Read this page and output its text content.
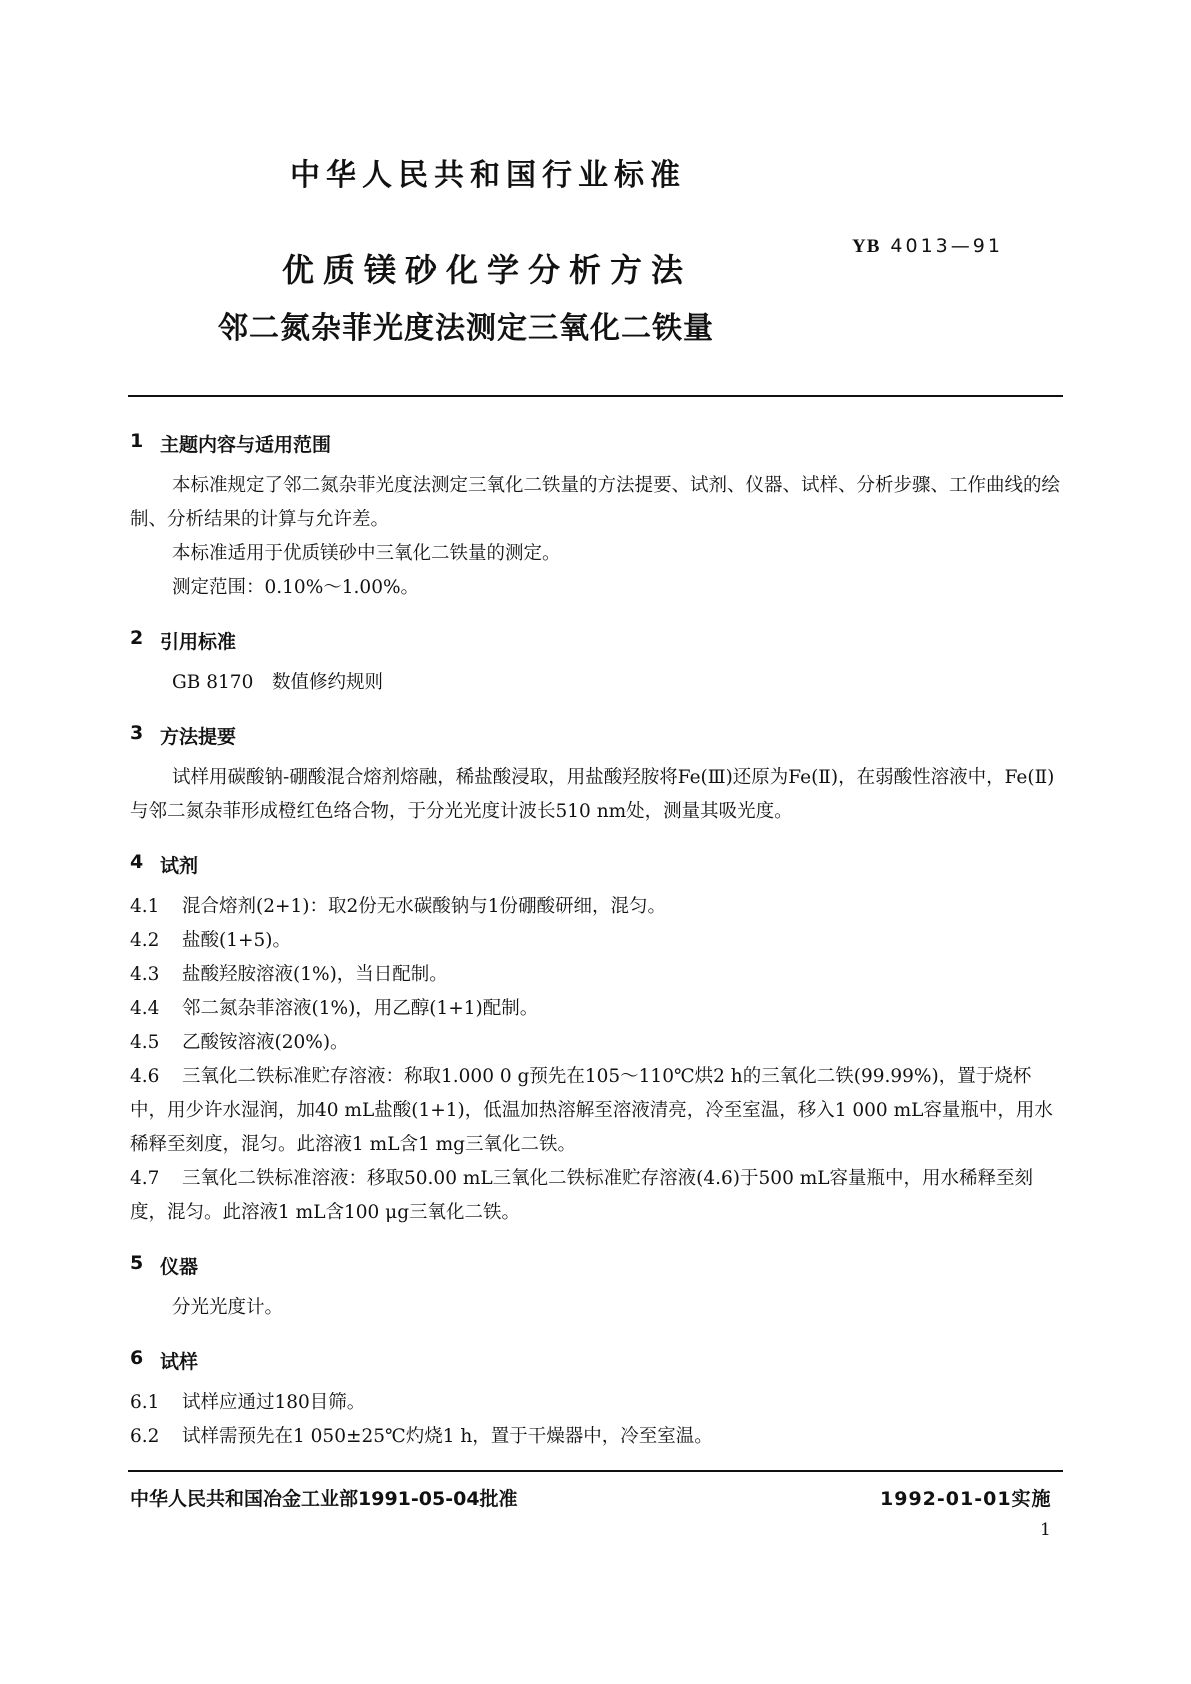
中华人民共和国行业标准
YB 4013—91
优质镁砂化学分析方法
邻二氮杂菲光度法测定三氧化二铁量
1 主题内容与适用范围

本标准规定了邻二氮杂菲光度法测定三氧化二铁量的方法提要、试剂、仪器、试样、分析步骤、工作曲线的绘制、分析结果的计算与允许差。

本标准适用于优质镁砂中三氧化二铁量的测定。

测定范围：0.10%～1.00%。

2 引用标准

GB 8170 数值修约规则

3 方法提要

试样用碳酸钠-硼酸混合熔剂熔融，稀盐酸浸取，用盐酸羟胺将Fe(Ⅲ)还原为Fe(Ⅱ)，在弱酸性溶液中，Fe(Ⅱ)与邻二氮杂菲形成橙红色络合物，于分光光度计波长510 nm处，测量其吸光度。

4 试剂
4.1 混合熔剂(2+1)：取2份无水碳酸钠与1份硼酸研细，混匀。
4.2 盐酸(1+5)。
4.3 盐酸羟胺溶液(1%)，当日配制。
4.4 邻二氮杂菲溶液(1%)，用乙醇(1+1)配制。
4.5 乙酸铵溶液(20%)。
4.6 三氧化二铁标准贮存溶液：称取1.000 0 g预先在105～110℃烘2 h的三氧化二铁(99.99%)，置于烧杯中，用少许水湿润，加40 mL盐酸(1+1)，低温加热溶解至溶液清亮，冷至室温，移入1 000 mL容量瓶中，用水稀释至刻度，混匀。此溶液1 mL含1 mg三氧化二铁。
4.7 三氧化二铁标准溶液：移取50.00 mL三氧化二铁标准贮存溶液(4.6)于500 mL容量瓶中，用水稀释至刻度，混匀。此溶液1 mL含100 μg三氧化二铁。
5 仪器

分光光度计。

6 试样
6.1 试样应通过180目筛。
6.2 试样需预先在1 050±25℃灼烧1 h，置于干燥器中，冷至室温。
中华人民共和国冶金工业部1991-05-04批准	1992-01-01实施
1
